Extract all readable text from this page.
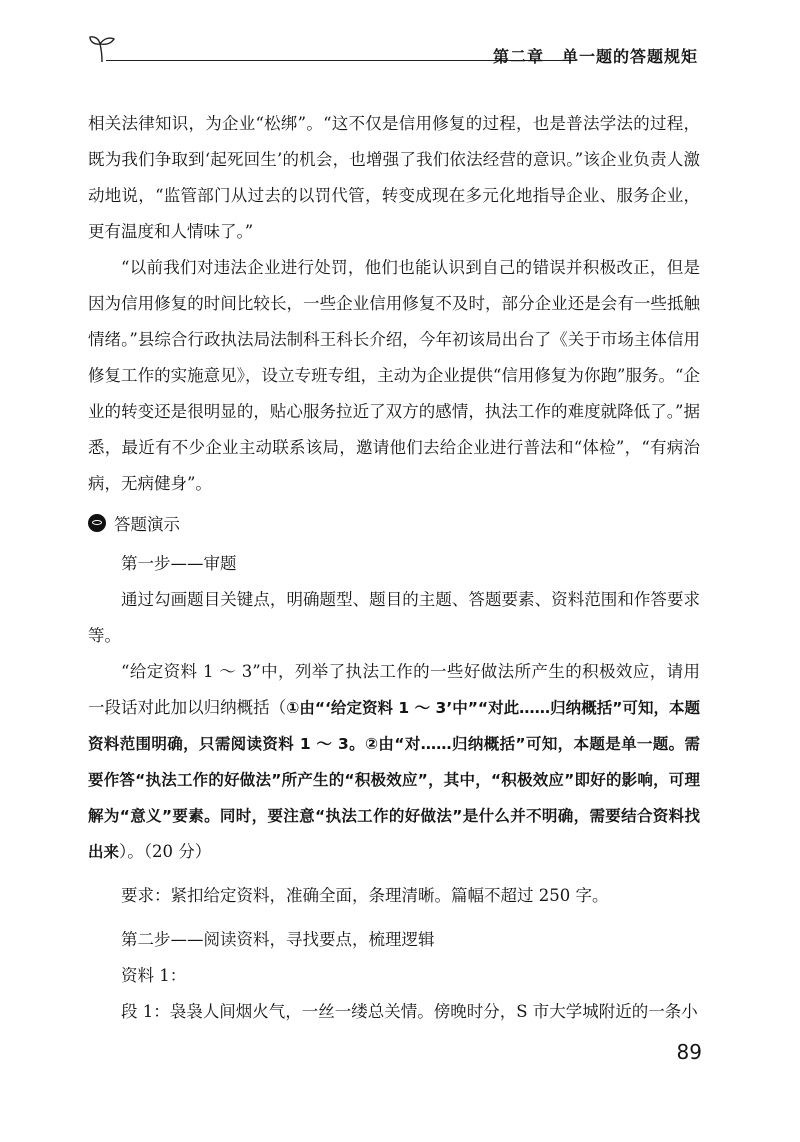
第二章 单一题的答题规矩

相关法律知识，为企业“松绑”。“这不仅是信用修复的过程，也是普法学法的过程，既为我们争取到‘起死回生’的机会，也增强了我们依法经营的意识。”该企业负责人激动地说，“监管部门从过去的以罚代管，转变成现在多元化地指导企业、服务企业，更有温度和人情味了。”

“以前我们对违法企业进行处罚，他们也能认识到自己的错误并积极改正，但是因为信用修复的时间比较长，一些企业信用修复不及时，部分企业还是会有一些抵触情绪。”县综合行政执法局法制科王科长介绍，今年初该局出台了《关于市场主体信用修复工作的实施意见》，设立专班专组，主动为企业提供“信用修复为你跑”服务。“企业的转变还是很明显的，贴心服务拉近了双方的感情，执法工作的难度就降低了。”据悉，最近有不少企业主动联系该局，邀请他们去给企业进行普法和“体检”，“有病治病，无病健身”。

答题演示

第一步——审题

通过勾画题目关键点，明确题型、题目的主题、答题要素、资料范围和作答要求等。

“给定资料 1 ～ 3”中，列举了执法工作的一些好做法所产生的积极效应，请用一段话对此加以归纳概括（①由“‘给定资料 1 ～ 3’中”“对此……归纳概括”可知，本题资料范围明确，只需阅读资料 1 ～ 3。②由“对……归纳概括”可知，本题是单一题。需要作答“执法工作的好做法”所产生的“积极效应”，其中，“积极效应”即好的影响，可理解为“意义”要素。同时，要注意“执法工作的好做法”是什么并不明确，需要结合资料找出来）。（20 分）

要求：紧扣给定资料，准确全面，条理清晰。篇幅不超过 250 字。

第二步——阅读资料，寻找要点，梳理逻辑

资料 1：

段 1：袅袅人间烟火气，一丝一缕总关情。傍晚时分，S 市大学城附近的一条小

89
